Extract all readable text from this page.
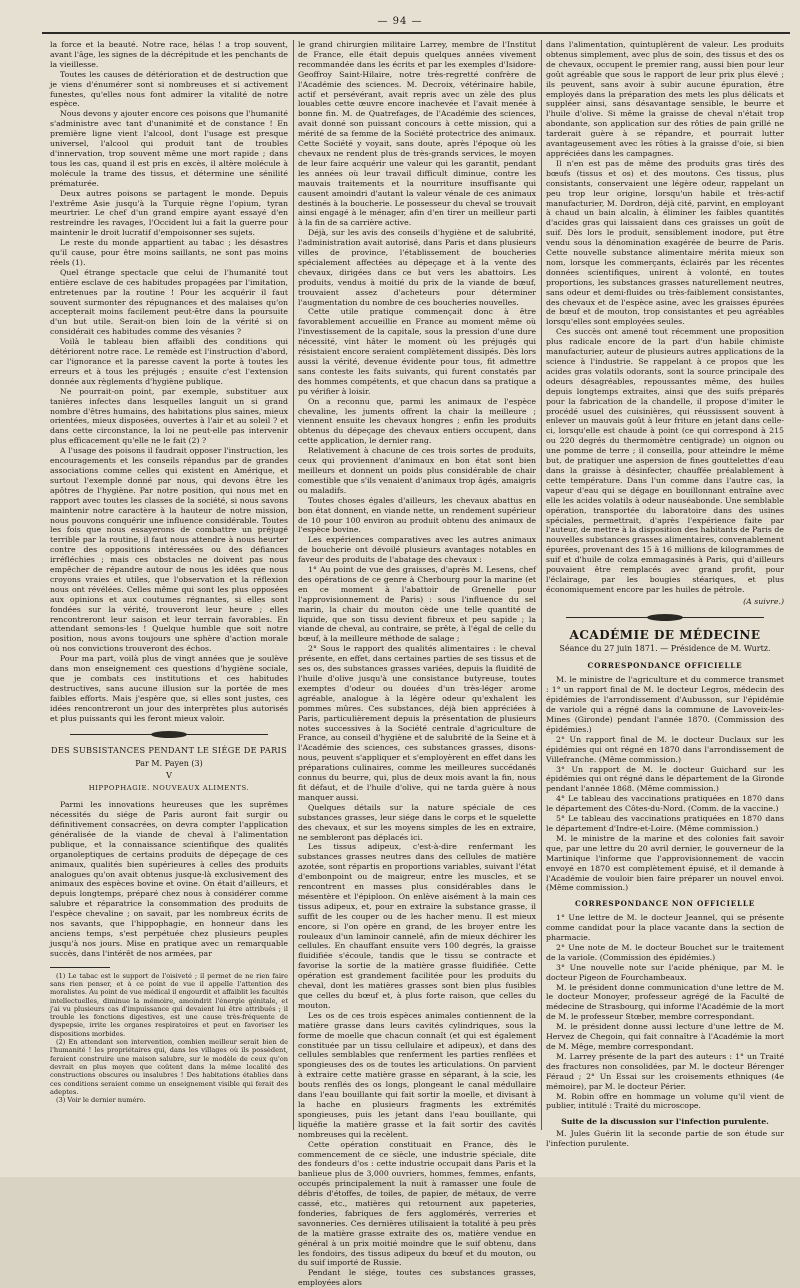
— 94 —

la force et la beauté. Notre race, hélas ! a trop souvent, avant l'âge, les signes de la décrépitude et les penchants de la vieillesse.

Toutes les causes de détérioration et de destruction que je viens d'énumérer sont si nombreuses et si activement funestes, qu'elles nous font admirer la vitalité de notre espèce.

Nous devons y ajouter encore ces poisons que l'humanité s'administre avec tant d'unanimité et de constance ! En première ligne vient l'alcool, dont l'usage est presque universel, l'alcool qui produit tant de troubles d'innervation, trop souvent même une mort rapide ; dans tous les cas, quand il est pris en excès, il altère molécule à molécule la trame des tissus, et détermine une sénilité prématurée.

Deux autres poisons se partagent le monde. Depuis l'extrême Asie jusqu'à la Turquie règne l'opium, tyran meurtrier. Le chef d'un grand empire ayant essayé d'en restreindre les ravages, l'Occident lui a fait la guerre pour maintenir le droit lucratif d'empoisonner ses sujets.

Le reste du monde appartient au tabac ; les désastres qu'il cause, pour être moins saillants, ne sont pas moins réels (1).

Quel étrange spectacle que celui de l'humanité tout entière esclave de ces habitudes propagées par l'imitation, entretenues par la routine ! Pour les acquérir il faut souvent surmonter des répugnances et des malaises qu'on accepterait moins facilement peut-être dans la poursuite d'un but utile. Serait-on bien loin de la vérité si on considérait ces habitudes comme des vésanies ?

Voilà le tableau bien affaibli des conditions qui détériorent notre race. Le remède est l'instruction d'abord, car l'ignorance et la paresse cavent la porte à toutes les erreurs et à tous les préjugés ; ensuite c'est l'extension donnée aux règlements d'hygiène publique.

Ne pourrait-on point, par exemple, substituer aux tanières infectes dans lesquelles languit un si grand nombre d'êtres humains, des habitations plus saines, mieux orientées, mieux disposées, ouvertes à l'air et au soleil ? et dans cette circonstance, la loi ne peut-elle pas intervenir plus efficacement qu'elle ne le fait (2) ?

A l'usage des poisons il faudrait opposer l'instruction, les encouragements et les conseils répandus par de grandes associations comme celles qui existent en Amérique, et surtout l'exemple donné par nous, qui devons être les apôtres de l'hygiène. Par notre position, qui nous met en rapport avec toutes les classes de la société, si nous savons maintenir notre caractère à la hauteur de notre mission, nous pouvons conquérir une influence considérable. Toutes les fois que nous essayerons de combattre un préjugé terrible par la routine, il faut nous attendre à nous heurter contre des oppositions intéressées ou des défiances irréfléchies ; mais ces obstacles ne doivent pas nous empêcher de répandre autour de nous les idées que nous croyons vraies et utiles, que l'observation et la réflexion nous ont révélées. Celles même qui sont les plus opposées aux opinions et aux coutumes régnantes, si elles sont fondées sur la vérité, trouveront leur heure ; elles rencontreront leur saison et leur terrain favorables. En attendant semons-les ! Quelque humble que soit notre position, nous avons toujours une sphère d'action morale où nos convictions trouveront des échos.

Pour ma part, voilà plus de vingt années que je soulève dans mon enseignement ces questions d'hygiène sociale, que je combats ces institutions et ces habitudes destructives, sans aucune illusion sur la portée de mes faibles efforts. Mais j'espère que, si elles sont justes, ces idées rencontreront un jour des interprètes plus autorisés et plus puissants qui les feront mieux valoir.

DES SUBSISTANCES PENDANT LE SIÉGE DE PARIS
Par M. Payen (3)
V
HIPPOPHAGIE. NOUVEAUX ALIMENTS.

Parmi les innovations heureuses que les suprêmes nécessités du siége de Paris auront fait surgir ou définitivement consacrées, on devra compter l'application généralisée de la viande de cheval à l'alimentation publique, et la connaissance scientifique des qualités organoleptiques de certains produits de dépeçage de ces animaux, qualités bien supérieures à celles des produits analogues qu'on avait obtenus jusque-là exclusivement des animaux des espèces bovine et ovine. On était d'ailleurs, et depuis longtemps, préparé chez nous à considérer comme salubre et réparatrice la consommation des produits de l'espèce chevaline ; on savait, par les nombreux écrits de nos savants, que l'hippophagie, en honneur dans les anciens temps, s'est perpétuée chez plusieurs peuples jusqu'à nos jours. Mise en pratique avec un remarquable succès, dans l'intérêt de nos armées, par

(1) Le tabac est le support de l'oisiveté ; il permet de ne rien faire sans rien penser, et à ce point de vue il appelle l'attention des moralistes. Au point de vue médical il engourdit et affaiblit les facultés intellectuelles, diminue la mémoire, amoindrit l'énergie génitale, et j'ai vu plusieurs cas d'impuissance qui devaient lui être attribués ; il trouble les fonctions digestives, est une cause très-fréquente de dyspepsie, irrite les organes respiratoires et peut en favoriser les dispositions morbides.

(2) En attendant son intervention, combien meilleur serait bien de l'humanité ! les propriétaires qui, dans les villages où ils possèdent, feraient construire une maison salubre, sur le modèle de ceux qu'on devrait en plus moyen que coûtent dans la même localité des constructions obscures ou insalubres ! Des habitations établies dans ces conditions seraient comme un enseignement visible qui ferait des adeptes.

(3) Voir le dernier numéro.

le grand chirurgien militaire Larrey, membre de l'Institut de France, elle était depuis quelques années vivement recommandée dans les écrits et par les exemples d'Isidore-Geoffroy Saint-Hilaire, notre très-regretté confrère de l'Académie des sciences. M. Decroix, vétérinaire habile, actif et persévérant, avait repris avec un zèle des plus louables cette œuvre encore inachevée et l'avait menée à bonne fin. M. de Quatrefages, de l'Académie des sciences, avait donné son puissant concours à cette mission, qui a mérité de sa femme de la Société protectrice des animaux. Cette Société y voyait, sans doute, après l'époque où les chevaux ne rendent plus de très-grands services, le moyen de leur faire acquérir une valeur qui les garantit, pendant les années où leur travail difficult diminue, contre les mauvais traitements et la nourriture insuffisante qui causent amoindri d'autant la valeur vénale de ces animaux destinés à la boucherie. Le possesseur du cheval se trouvait ainsi engagé à le ménager, afin d'en tirer un meilleur parti à la fin de sa carrière active.

Déjà, sur les avis des conseils d'hygiène et de salubrité, l'administration avait autorisé, dans Paris et dans plusieurs villes de province, l'établissement de boucheries spécialement affectées au dépeçage et à la vente des chevaux, dirigées dans ce but vers les abattoirs. Les produits, vendus à moitié du prix de la viande de bœuf, trouvaient assez d'acheteurs pour déterminer l'augmentation du nombre de ces boucheries nouvelles.

Cette utile pratique commençait donc à être favorablement accueillie en France au moment même où l'investissement de la capitale, sous la pression d'une dure nécessité, vint hâter le moment où les préjugés qui résistaient encore seraient complètement dissipés. Dès lors aussi la vérité, devenue évidente pour tous, fit admettre sans conteste les faits suivants, qui furent constatés par des hommes compétents, et que chacun dans sa pratique a pu vérifier à loisir.

On a reconnu que, parmi les animaux de l'espèce chevaline, les juments offrent la chair la meilleure ; viennent ensuite les chevaux hongres ; enfin les produits obtenus du dépeçage des chevaux entiers occupent, dans cette application, le dernier rang.

Relativement à chacune de ces trois sortes de produits, ceux qui proviennent d'animaux en bon état sont bien meilleurs et donnent un poids plus considérable de chair comestible que s'ils venaient d'animaux trop âgés, amaigris ou maladifs.

Toutes choses égales d'ailleurs, les chevaux abattus en bon état donnent, en viande nette, un rendement supérieur de 10 pour 100 environ au produit obtenu des animaux de l'espèce bovine.

Les expériences comparatives avec les autres animaux de boucherie ont dévoilé plusieurs avantages notables en faveur des produits de l'abatage des chevaux :

1° Au point de vue des graisses, d'après M. Lesens, chef des opérations de ce genre à Cherbourg pour la marine (et en ce moment à l'abattoir de Grenelle pour l'approvisionnement de Paris) : sous l'influence du sel marin, la chair du mouton cède une telle quantité de liquide, que son tissu devient fibreux et peu sapide ; la viande de cheval, au contraire, se prête, à l'égal de celle du bœuf, à la meilleure méthode de salage ;

2° Sous le rapport des qualités alimentaires : le cheval présente, en effet, dans certaines parties de ses tissus et de ses os, des substances grasses variées, depuis la fluidité de l'huile d'olive jusqu'à une consistance butyreuse, toutes exemptes d'odeur ou douées d'un très-léger arome agréable, analogue à la légère odeur qu'exhalent les pommes mûres. Ces substances, déjà bien appréciées à Paris, particulièrement depuis la présentation de plusieurs notes successives à la Société centrale d'agriculture de France, au conseil d'hygiène et de salubrité de la Seine et à l'Académie des sciences, ces substances grasses, disons-nous, peuvent s'appliquer et s'employèrent en effet dans les préparations culinaires, comme les meilleures succédanés connus du beurre, qui, plus de deux mois avant la fin, nous fit défaut, et de l'huile d'olive, qui ne tarda guère à nous manquer aussi.

Quelques détails sur la nature spéciale de ces substances grasses, leur siége dans le corps et le squelette des chevaux, et sur les moyens simples de les en extraire, ne sembleront pas déplacés ici.

Les tissus adipeux, c'est-à-dire renfermant les substances grasses neutres dans des cellules de matière azotée, sont répartis en proportions variables, suivant l'état d'embonpoint ou de maigreur, entre les muscles, et se rencontrent en masses plus considérables dans le mésentère et l'épiploon. On enlève aisément à la main ces tissus adipeux, et, pour en extraire la substance grasse, il suffit de les couper ou de les hacher menu. Il est mieux encore, si l'on opère en grand, de les broyer entre les rouleaux d'un laminoir cannelé, afin de mieux déchirer les cellules. En chauffant ensuite vers 100 degrés, la graisse fluidifiée s'écoule, tandis que le tissu se contracte et favorise la sortie de la matière grasse fluidifiée. Cette opération est grandement facilitée pour les produits du cheval, dont les matières grasses sont bien plus fusibles que celles du bœuf et, à plus forte raison, que celles du mouton.

Les os de ces trois espèces animales contiennent de la matière grasse dans leurs cavités cylindriques, sous la forme de moelle que chacun connaît (et qui est également constituée par un tissu cellulaire et adipeux), et dans des cellules semblables que renferment les parties renflées et spongieuses des os de toutes les articulations. On parvient à extraire cette matière grasse en séparant, à la scie, les bouts renflés des os longs, plongeant le canal médullaire dans l'eau bouillante qui fait sortir la moelle, et divisant à la hache en plusieurs fragments les extrémités spongieuses, puis les jetant dans l'eau bouillante, qui liquéfie la matière grasse et la fait sortir des cavités nombreuses qui la recèlent.

Cette opération constituait en France, dès le commencement de ce siècle, une industrie spéciale, dite des fondeurs d'os : cette industrie occupait dans Paris et la banlieue plus de 3,000 ouvriers, hommes, femmes, enfants, occupés principalement la nuit à ramasser une foule de débris d'étoffes, de toiles, de papier, de métaux, de verre cassé, etc., matières qui retournent aux papeteries, fonderies, fabriques de fers agglomérés, verreries et savonneries. Ces dernières utilisaient la totalité à peu près de la matière grasse extraite des os, matière vendue en général à un prix moitié moindre que le suif obtenu, dans les fondoirs, des tissus adipeux du bœuf et du mouton, ou du suif importé de Russie.

Pendant le siége, toutes ces substances grasses, employées alors

dans l'alimentation, quintuplèrent de valeur. Les produits obtenus simplement, avec plus de soin, des tissus et des os de chevaux, occupent le premier rang, aussi bien pour leur goût agréable que sous le rapport de leur prix plus élevé ; ils peuvent, sans avoir à subir aucune épuration, être employés dans la préparation des mets les plus délicats et suppléer ainsi, sans désavantage sensible, le beurre et l'huile d'olive. Si même la graisse de cheval n'était trop abondante, son application sur des rôties de pain grillé ne tarderait guère à se répandre, et pourrait lutter avantageusement avec les rôties à la graisse d'oie, si bien appréciées dans les campagnes.

Il n'en est pas de même des produits gras tirés des bœufs (tissus et os) et des moutons. Ces tissus, plus consistants, conservaient une légère odeur, rappelant un peu trop leur origine, lorsqu'un habile et très-actif manufacturier, M. Dordron, déjà cité, parvint, en employant à chaud un bain alcalin, à éliminer les faibles quantités d'acides gras qui laissaient dans ces graisses un goût de suif. Dès lors le produit, sensiblement inodore, put être vendu sous la dénomination exagérée de beurre de Paris. Cette nouvelle substance alimentaire mérita mieux son nom, lorsque les commerçants, éclairés par les récentes données scientifiques, unirent à volonté, en toutes proportions, les substances grasses naturellement neutres, sans odeur et demi-fluides ou très-faiblement consistantes, des chevaux et de l'espèce asine, avec les graisses épurées de bœuf et de mouton, trop consistantes et peu agréables lorsqu'elles sont employées seules.

Ces succès ont amené tout récemment une proposition plus radicale encore de la part d'un habile chimiste manufacturier, auteur de plusieurs autres applications de la science à l'industrie. Se rappelant à ce propos que les acides gras volatils odorants, sont la source principale des odeurs désagréables, repoussantes même, des huiles depuis longtemps extraites, ainsi que des suifs préparés pour la fabrication de la chandelle, il propose d'imiter le procédé usuel des cuisinières, qui réussissent souvent à enlever un mauvais goût à leur friture en jetant dans celle-ci, lorsqu'elle est chaude à point (ce qui correspond à 215 ou 220 degrés du thermomètre centigrade) un oignon ou une pomme de terre ; il conseilla, pour atteindre le même but, de pratiquer une aspersion de fines gouttelettes d'eau dans la graisse à désinfecter, chauffée préalablement à cette température. Dans l'un comme dans l'autre cas, la vapeur d'eau qui se dégage en bouillonnant entraîne avec elle les acides volatils à odeur nauséabonde. Une semblable opération, transportée du laboratoire dans des usines spéciales, permettrait, d'après l'expérience faite par l'auteur, de mettre à la disposition des habitants de Paris de nouvelles substances grasses alimentaires, convenablement épurées, provenant des 15 à 16 millions de kilogrammes de suif et d'huile de colza emmagasinés à Paris, qui d'ailleurs pouvaient être remplacés avec grand profit, pour l'éclairage, par les bougies stéariques, et plus économiquement encore par les huiles de pétrole.

(A suivre.)
ACADÉMIE DE MÉDECINE
Séance du 27 juin 1871. — Présidence de M. Wurtz.
CORRESPONDANCE OFFICIELLE

M. le ministre de l'agriculture et du commerce transmet : 1° un rapport final de M. le docteur Legros, médecin des épidémies de l'arrondissement d'Aubusson, sur l'épidémie de variole qui a régné dans la commune de Lavoveix-les-Mines (Gironde) pendant l'année 1870. (Commission des épidémies.)

2° Un rapport final de M. le docteur Duclaux sur les épidémies qui ont régné en 1870 dans l'arrondissement de Villefranche. (Même commission.)

3° Un rapport de M. le docteur Guichard sur les épidémies qui ont régné dans le département de la Gironde pendant l'année 1868. (Même commission.)

4° Le tableau des vaccinations pratiquées en 1870 dans le département des Côtes-du-Nord. (Comm. de la vaccine.)

5° Le tableau des vaccinations pratiquées en 1870 dans le département d'Indre-et-Loire. (Même commission.)

M. le ministre de la marine et des colonies fait savoir que, par une lettre du 20 avril dernier, le gouverneur de la Martinique l'informe que l'approvisionnement de vaccin envoyé en 1870 est complètement épuisé, et il demande à l'Académie de vouloir bien faire préparer un nouvel envoi. (Même commission.)

CORRESPONDANCE NON OFFICIELLE

1° Une lettre de M. le docteur Jeannel, qui se présente comme candidat pour la place vacante dans la section de pharmacie.

2° Une note de M. le docteur Bouchet sur le traitement de la variole. (Commission des épidémies.)

3° Une nouvelle note sur l'acide phénique, par M. le docteur Pigeon de Fourchambeaux.

M. le président donne communication d'une lettre de M. le docteur Monoyer, professeur agrégé de la Faculté de médecine de Strasbourg, qui informe l'Académie de la mort de M. le professeur Stœber, membre correspondant.

M. le président donne aussi lecture d'une lettre de M. Hervez de Chegoin, qui fait connaître à l'Académie la mort de M. Mêge, membre correspondant.

M. Larrey présente de la part des auteurs : 1° un Traité des fractures non consolidées, par M. le docteur Bérenger Féraud ; 2° Un Essai sur les croisements ethniques (4e mémoire), par M. le docteur Périer.

M. Robin offre en hommage un volume qu'il vient de publier, intitulé : Traité du microscope.

Suite de la discussion sur l'infection purulente.

M. Jules Guérin lit la seconde partie de son étude sur l'infection purulente.
